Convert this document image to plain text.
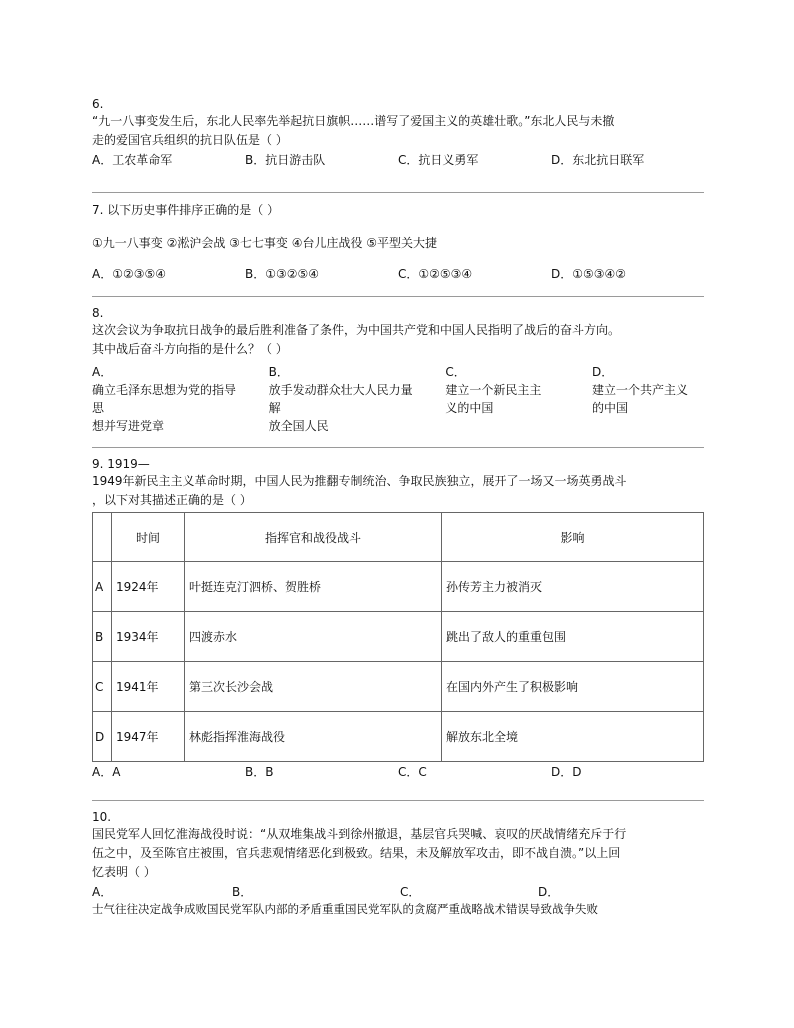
6.
“九一八事变发生后，东北人民率先举起抗日旗帜……谱写了爱国主义的英雄壮歌。”东北人民与未撤
走的爱国官兵组织的抗日队伍是（ ）
A．工农革命军	B．抗日游击队	C．抗日义勇军	D．东北抗日联军
7. 以下历史事件排序正确的是（ ）
①九一八事变 ②淞沪会战 ③七七事变 ④台儿庄战役 ⑤平型关大捷
A．①②③⑤④	B．①③②⑤④	C．①②⑤③④	D．①⑤③④②
8.
这次会议为争取抗日战争的最后胜利准备了条件，为中国共产党和中国人民指明了战后的奋斗方向。
其中战后奋斗方向指的是什么？（ ）
A．
确立毛泽东思想为党的指导思
想并写进党章
B．
放手发动群众壮大人民力量解
放全国人民
C．
建立一个新民主主
义的中国
D．
建立一个共产主义
的中国
9. 1919—
1949年新民主主义革命时期，中国人民为推翻专制统治、争取民族独立，展开了一场又一场英勇战斗
，以下对其描述正确的是（ ）
	时间	指挥官和战役战斗	影响
A	1924年	叶挺连克汀泗桥、贺胜桥	孙传芳主力被消灭
B	1934年	四渡赤水	跳出了敌人的重重包围
C	1941年	第三次长沙会战	在国内外产生了积极影响
D	1947年	林彪指挥淮海战役	解放东北全境
A．A	B．B	C．C	D．D
10.
国民党军人回忆淮海战役时说：“从双堆集战斗到徐州撤退，基层官兵哭喊、哀叹的厌战情绪充斥于行
伍之中，及至陈官庄被围，官兵悲观情绪恶化到极致。结果，未及解放军攻击，即不战自溃。”以上回
忆表明（ ）
A．	B．	C．	D．
士气往往决定战争成败 国民党军队内部的矛盾重重 国民党军队的贪腐严重 战略战术错误导致战争失败
